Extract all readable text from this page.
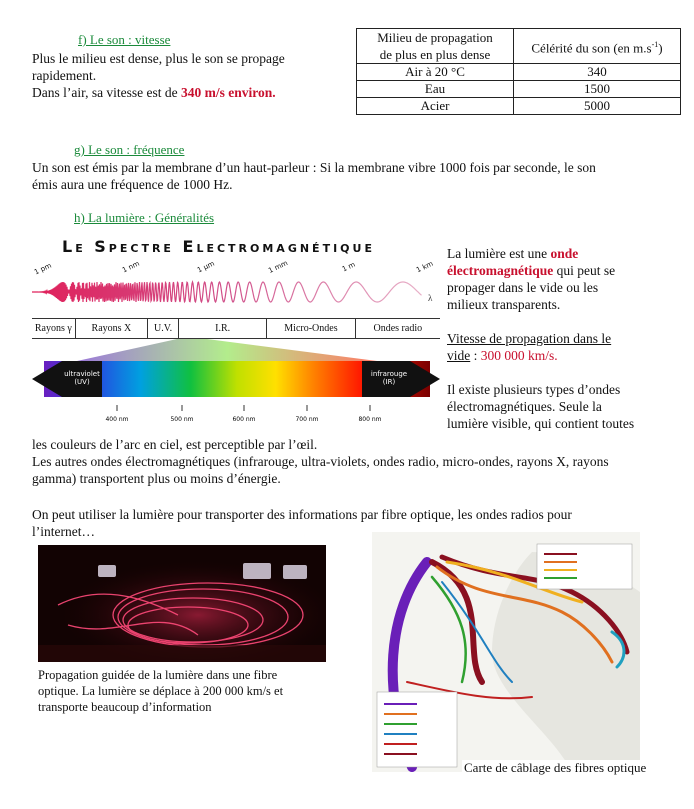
f) Le son : vitesse

Plus le milieu est dense, plus le son se propage

rapidement.

Dans l’air, sa vitesse est de 340 m/s environ.

Milieu de propagation
de plus en plus dense	Célérité du son (en $m.s^{-1}$)
Air à 20 °C	340
Eau	1500
Acier	5000
g) Le son : fréquence

Un son est émis par la membrane d’un haut-parleur : Si la membrane vibre 1000 fois par seconde, le son

émis aura une fréquence de 1000 Hz.

h) La lumière : Généralités
Le Spectre Electromagnétique
1 pm	1 nm	1 µm	1 mm	1 m	1 km
λ
Rayons γ	Rayons X	U.V.	I.R.	Micro-Ondes	Ondes radio
ultraviolet
(UV)
infrarouge
(IR)
400 nm	500 nm	600 nm	700 nm	800 nm

La lumière est une onde

électromagnétique qui peut se

propager dans le vide ou les

milieux transparents.

Vitesse de propagation dans le

vide : 300 000 km/s.

Il existe plusieurs types d’ondes

électromagnétiques. Seule la

lumière visible, qui contient toutes

les couleurs de l’arc en ciel, est perceptible par l’œil.

Les autres ondes électromagnétiques (infrarouge, ultra-violets, ondes radio, micro-ondes, rayons X, rayons

gamma) transportent plus ou moins d’énergie.

On peut utiliser la lumière pour transporter des informations par fibre optique, les ondes radios pour

l’internet…

Propagation guidée de la lumière dans une fibre

optique. La lumière se déplace à 200 000 km/s et

transporte beaucoup d’information

Carte de câblage des fibres optique
